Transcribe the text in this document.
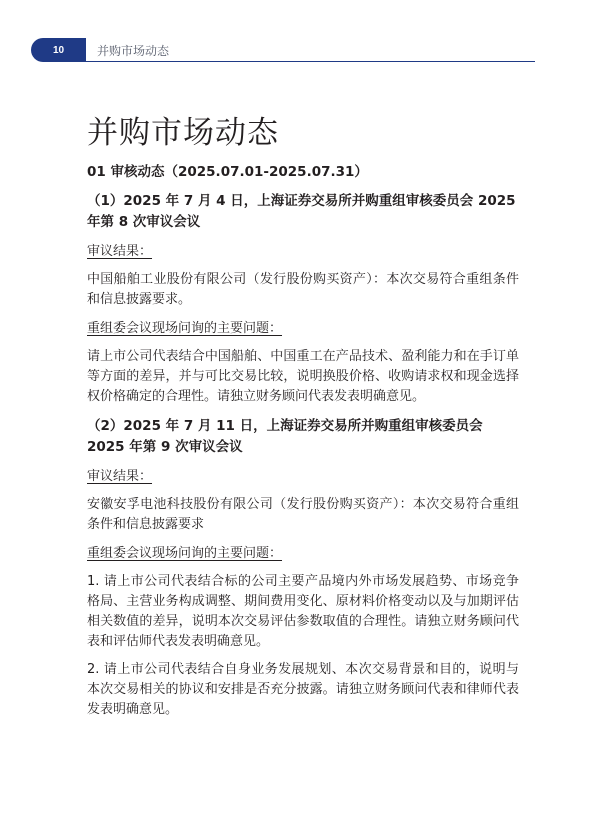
10	并购市场动态
并购市场动态
01 审核动态（2025.07.01-2025.07.31）
（1）2025 年 7 月 4 日，上海证券交易所并购重组审核委员会 2025 年第 8 次审议会议
审议结果：

中国船舶工业股份有限公司（发行股份购买资产）：本次交易符合重组条件和信息披露要求。

重组委会议现场问询的主要问题：

请上市公司代表结合中国船舶、中国重工在产品技术、盈利能力和在手订单等方面的差异，并与可比交易比较，说明换股价格、收购请求权和现金选择权价格确定的合理性。请独立财务顾问代表发表明确意见。

（2）2025 年 7 月 11 日，上海证券交易所并购重组审核委员会 2025 年第 9 次审议会议
审议结果：

安徽安孚电池科技股份有限公司（发行股份购买资产）：本次交易符合重组条件和信息披露要求

重组委会议现场问询的主要问题：

1. 请上市公司代表结合标的公司主要产品境内外市场发展趋势、市场竞争格局、主营业务构成调整、期间费用变化、原材料价格变动以及与加期评估相关数值的差异，说明本次交易评估参数取值的合理性。请独立财务顾问代表和评估师代表发表明确意见。

2. 请上市公司代表结合自身业务发展规划、本次交易背景和目的，说明与本次交易相关的协议和安排是否充分披露。请独立财务顾问代表和律师代表发表明确意见。
